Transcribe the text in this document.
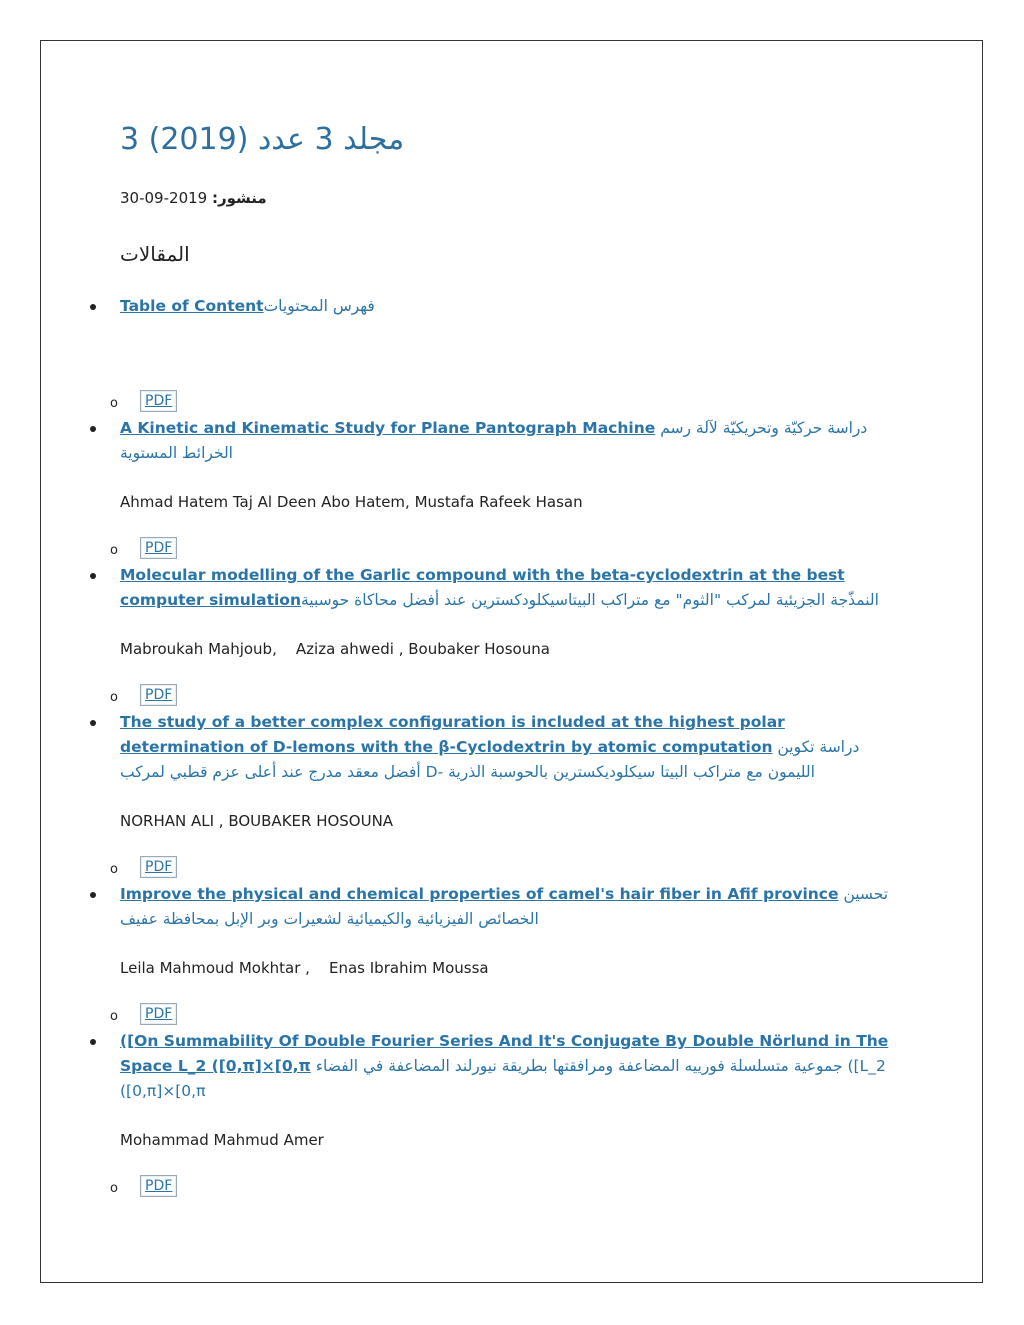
3 مجلد 3 عدد (2019)
منشور: 2019-09-30
المقالات
Table of Contentفهرس المحتويات
o	PDF
A Kinetic and Kinematic Study for Plane Pantograph Machine دراسة حركيّة وتحريكيّة لآلة رسم الخرائط المستوية
Ahmad Hatem Taj Al Deen Abo Hatem, Mustafa Rafeek Hasan
o	PDF
Molecular modelling of the Garlic compound with the beta-cyclodextrin at the best computer simulationالنمذّجة الجزيئية لمركب "الثوم" مع متراكب البيتاسيكلودكسترين عند أفضل محاكاة حوسبية
Mabroukah Mahjoub,    Aziza ahwedi , Boubaker Hosouna
o	PDF
The study of a better complex configuration is included at the highest polar determination of D-lemons with the β-Cyclodextrin by atomic computation دراسة تكوين أفضل معقد مدرج عند أعلى عزم قطبي لمركب D- الليمون مع متراكب البيتا سيكلوديكسترين بالحوسبة الذرية
NORHAN ALI , BOUBAKER HOSOUNA
o	PDF
Improve the physical and chemical properties of camel's hair fiber in Afif province تحسين الخصائص الفيزيائية والكيميائية لشعيرات وبر الإبل بمحافظة عفيف
Leila Mahmoud Mokhtar ,    Enas Ibrahim Moussa
o	PDF
([On Summability Of Double Fourier Series And It's Conjugate By Double Nörlund in The Space L_2 ([0,π]×[0,π جموعية متسلسلة فورييه المضاعفة ومرافقتها بطريقة نيورلند المضاعفة في الفضاء ([L_2 ([0,π]×[0,π
Mohammad Mahmud Amer
o	PDF
